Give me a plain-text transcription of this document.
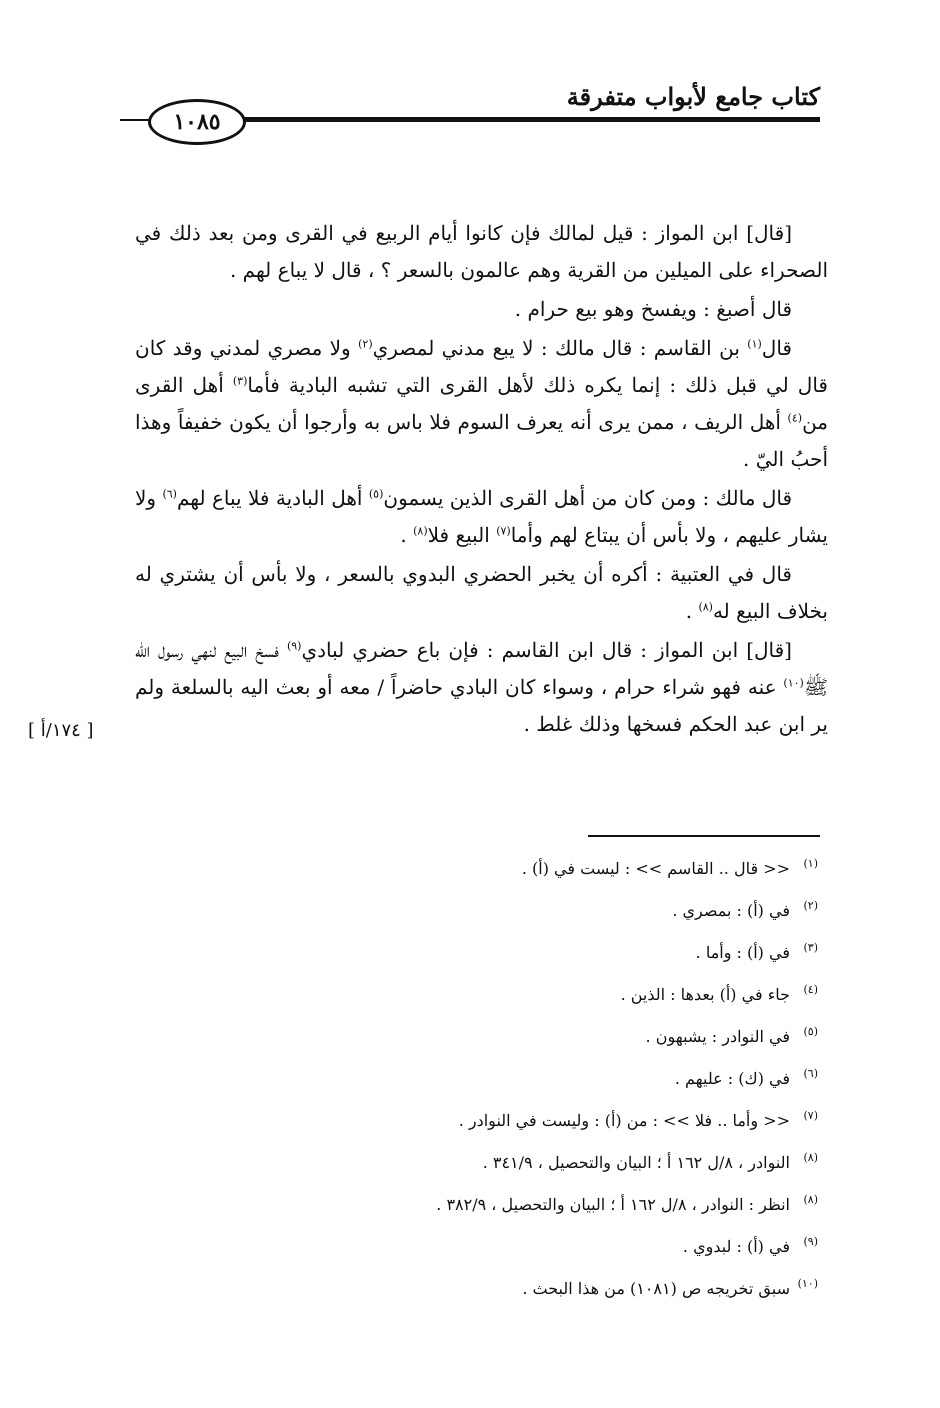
كتاب جامع لأبواب متفرقة
١٠٨٥

[قال] ابن المواز : قيل لمالك فإن كانوا أيام الربيع في القرى ومن بعد ذلك في الصحراء على الميلين من القرية وهم عالمون بالسعر ؟ ، قال لا يباع لهم .

قال أصبغ : ويفسخ وهو بيع حرام .

قال$^{(١)}$ بن القاسم : قال مالك : لا يبع مدني لمصري$^{(٢)}$ ولا مصري لمدني وقد كان قال لي قبل ذلك : إنما يكره ذلك لأهل القرى التي تشبه البادية فأما$^{(٣)}$ أهل القرى من$^{(٤)}$ أهل الريف ، ممن يرى أنه يعرف السوم فلا باس به وأرجوا أن يكون خفيفاً وهذا أحبُ اليّ .

قال مالك : ومن كان من أهل القرى الذين يسمون$^{(٥)}$ أهل البادية فلا يباع لهم$^{(٦)}$ ولا يشار عليهم ، ولا بأس أن يبتاع لهم وأما$^{(٧)}$ البيع فلا$^{(٨)}$ .

قال في العتبية : أكره أن يخبر الحضري البدوي بالسعر ، ولا بأس أن يشتري له بخلاف البيع له$^{(٨)}$ .

[قال] ابن المواز : قال ابن القاسم : فإن باع حضري لبادي$^{(٩)}$ فسخ البيع لنهي رسول الله ﷺ$^{(١٠)}$ عنه فهو شراء حرام ، وسواء كان البادي حاضراً / معه أو بعث اليه بالسلعة ولم ير ابن عبد الحكم فسخها وذلك غلط .

[ ١٧٤/أ ]
(١)<< قال .. القاسم >> : ليست في (أ) .
(٢)في (أ) : بمصري .
(٣)في (أ) : وأما .
(٤)جاء في (أ) بعدها : الذين .
(٥)في النوادر : يشبهون .
(٦)في (ك) : عليهم .
(٧)<< وأما .. فلا >> : من (أ) : وليست في النوادر .
(٨)النوادر ، ٨/ل ١٦٢ أ ؛ البيان والتحصيل ، ٣٤١/٩ .
(٨)انظر : النوادر ، ٨/ل ١٦٢ أ ؛ البيان والتحصيل ، ٣٨٢/٩ .
(٩)في (أ) : لبدوي .
(١٠)سبق تخريجه ص (١٠٨١) من هذا البحث .
